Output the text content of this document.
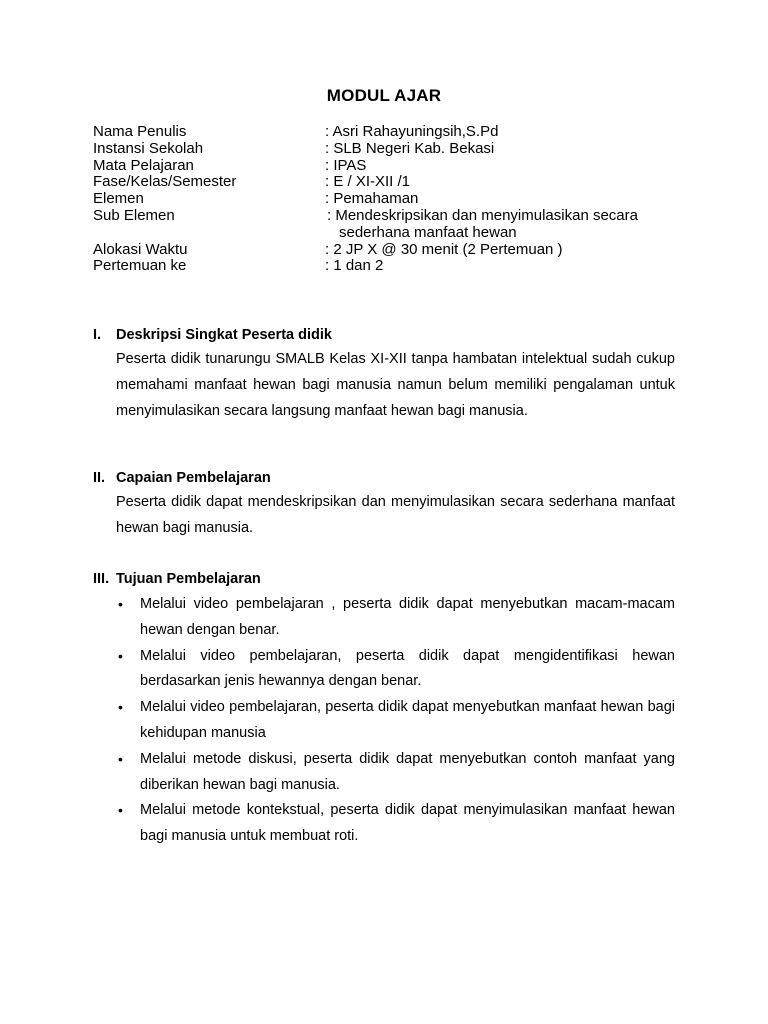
MODUL AJAR
Nama Penulis	: Asri Rahayuningsih,S.Pd
Instansi Sekolah	: SLB Negeri Kab. Bekasi
Mata Pelajaran	: IPAS
Fase/Kelas/Semester	: E / XI-XII /1
Elemen	: Pemahaman
Sub Elemen	: Mendeskripsikan dan menyimulasikan secara sederhana manfaat hewan
Alokasi Waktu	: 2 JP X @ 30 menit (2 Pertemuan )
Pertemuan ke	: 1 dan 2
I.	Deskripsi Singkat Peserta didik
Peserta didik tunarungu SMALB Kelas XI-XII tanpa hambatan intelektual sudah cukup memahami manfaat hewan bagi manusia namun belum memiliki pengalaman untuk menyimulasikan secara langsung manfaat hewan bagi manusia.
II. Capaian Pembelajaran
Peserta didik dapat mendeskripsikan dan menyimulasikan secara sederhana manfaat hewan bagi manusia.
III. Tujuan Pembelajaran
• Melalui video pembelajaran , peserta didik dapat menyebutkan macam-macam hewan dengan benar.
• Melalui video pembelajaran, peserta didik dapat mengidentifikasi hewan berdasarkan jenis hewannya dengan benar.
• Melalui video pembelajaran, peserta didik dapat menyebutkan manfaat hewan bagi kehidupan manusia
• Melalui metode diskusi, peserta didik dapat menyebutkan contoh manfaat yang diberikan hewan bagi manusia.
• Melalui metode kontekstual, peserta didik dapat menyimulasikan manfaat hewan bagi manusia untuk membuat roti.
